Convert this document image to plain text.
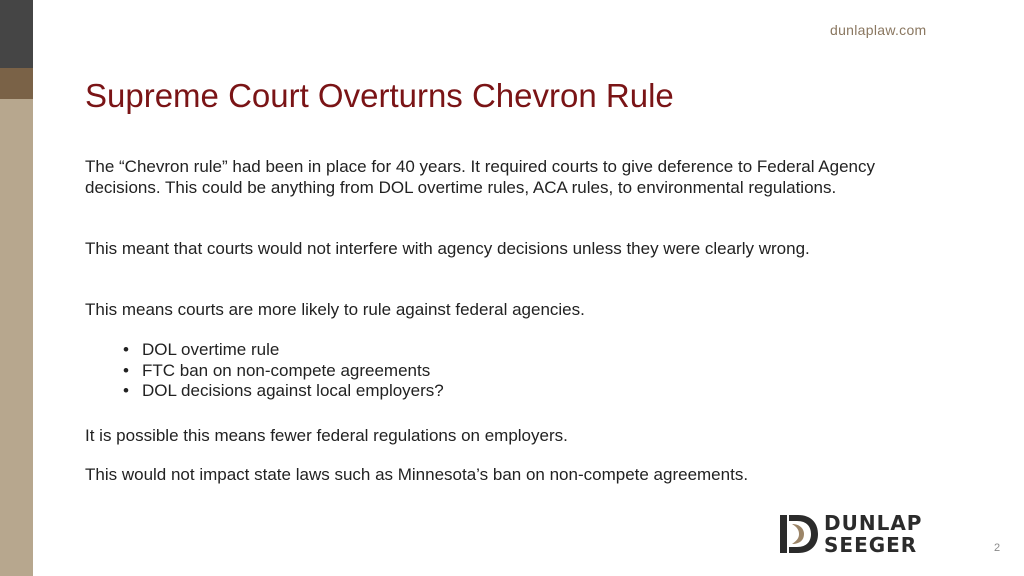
dunlaplaw.com
Supreme Court Overturns Chevron Rule
The “Chevron rule” had been in place for 40 years. It required courts to give deference to Federal Agency decisions. This could be anything from DOL overtime rules, ACA rules, to environmental regulations.
This meant that courts would not interfere with agency decisions unless they were clearly wrong.
This means courts are more likely to rule against federal agencies.
• DOL overtime rule
• FTC ban on non-compete agreements
• DOL decisions against local employers?
It is possible this means fewer federal regulations on employers.
This would not impact state laws such as Minnesota’s ban on non-compete agreements.
DUNLAP
SEEGER	2
